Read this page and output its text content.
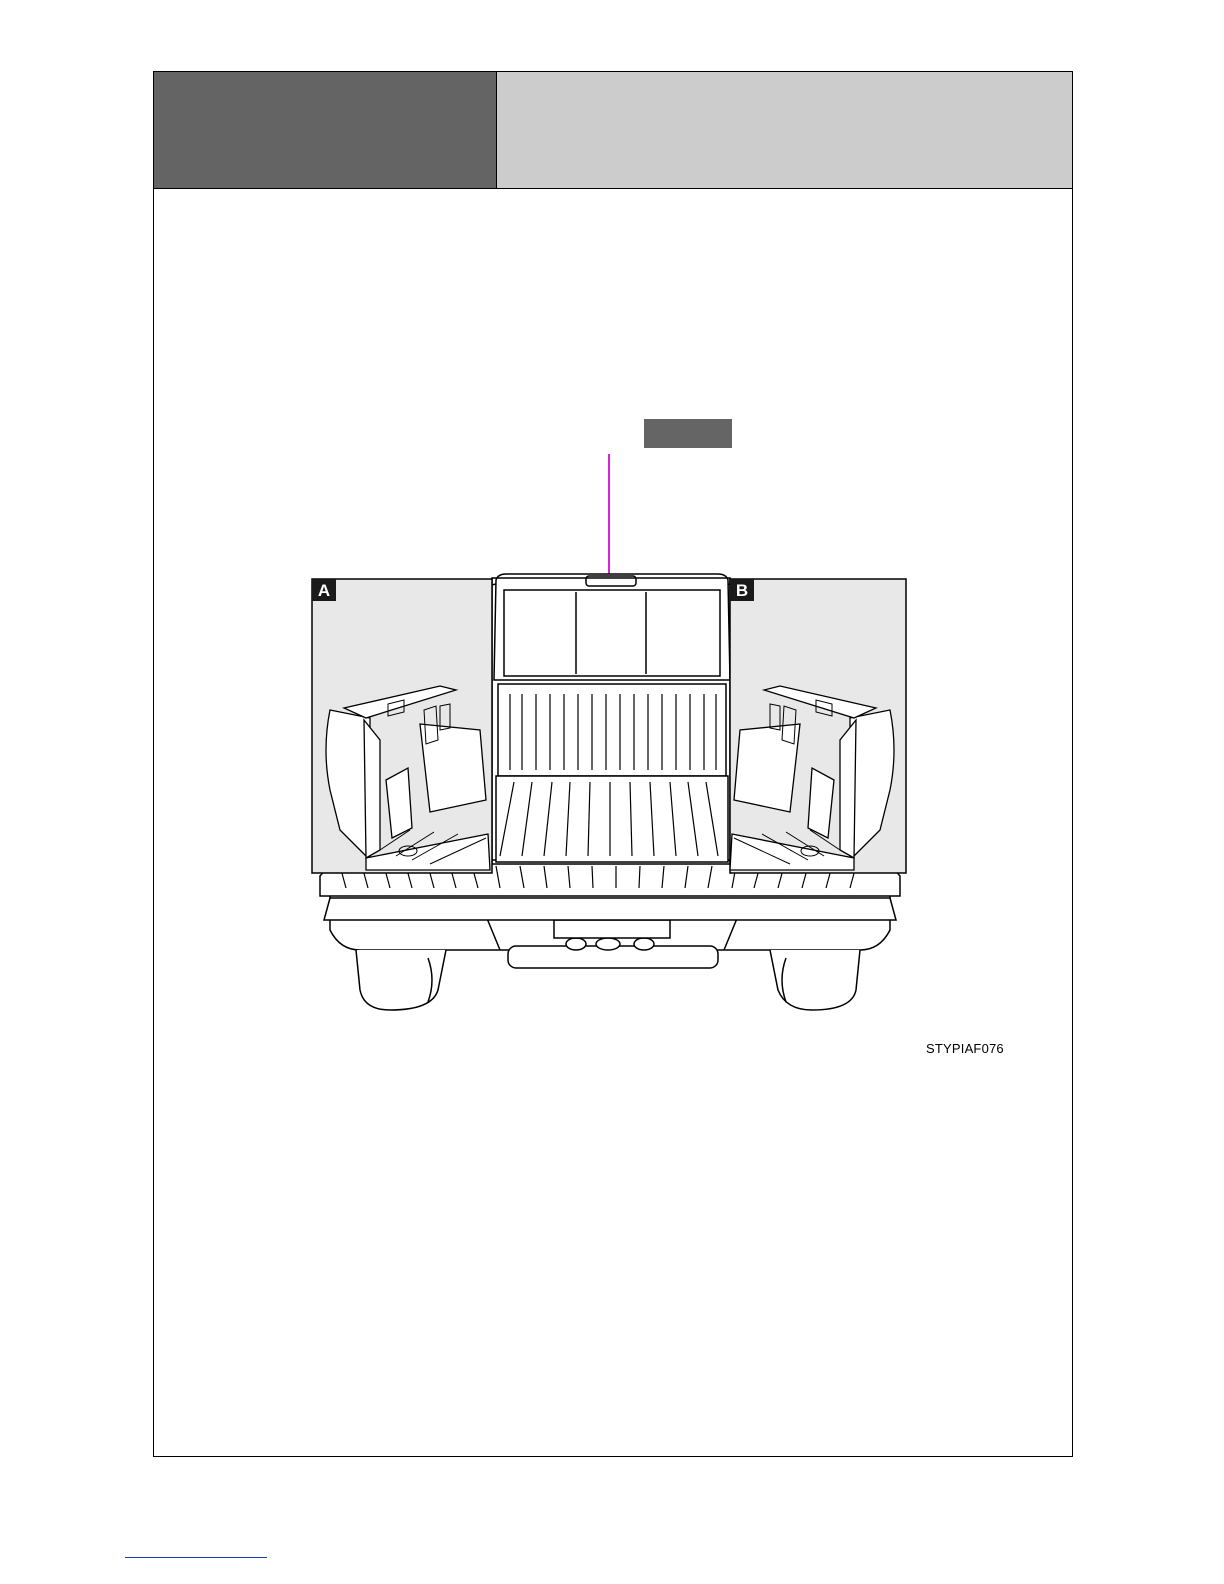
A	B
STYPIAF076
